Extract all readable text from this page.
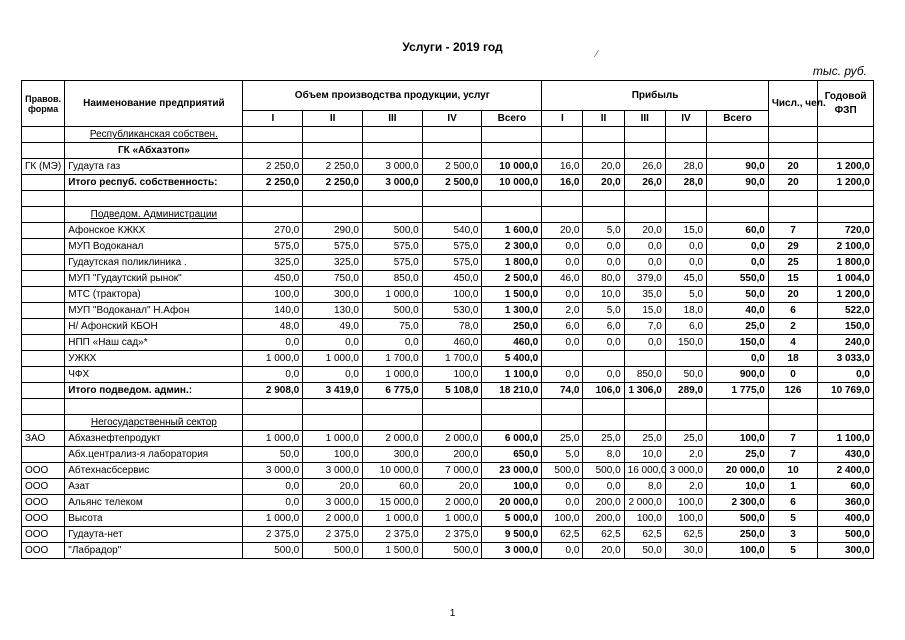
Услуги - 2019 год
⁄
тыс. руб.
Правов. форма	Наименование предприятий	Объем производства продукции, услуг					Прибыль					Числ., чел.	Годовой ФЗП
		I	II	III	IV	Всего	I	II	III	IV	Всего		
	Республиканская собствен.												
	ГК «Абхазтоп»												
ГК (МЭ)	Гудаута газ	2 250,0	2 250,0	3 000,0	2 500,0	10 000,0	16,0	20,0	26,0	28,0	90,0	20	1 200,0
	Итого респуб. собственность:	2 250,0	2 250,0	3 000,0	2 500,0	10 000,0	16,0	20,0	26,0	28,0	90,0	20	1 200,0

	Подведом. Администрации												
	Афонское КЖКХ	270,0	290,0	500,0	540,0	1 600,0	20,0	5,0	20,0	15,0	60,0	7	720,0
	МУП Водоканал	575,0	575,0	575,0	575,0	2 300,0	0,0	0,0	0,0	0,0	0,0	29	2 100,0
	Гудаутская поликлиника .	325,0	325,0	575,0	575,0	1 800,0	0,0	0,0	0,0	0,0	0,0	25	1 800,0
	МУП "Гудаутский рынок"	450,0	750,0	850,0	450,0	2 500,0	46,0	80,0	379,0	45,0	550,0	15	1 004,0
	МТС (трактора)	100,0	300,0	1 000,0	100,0	1 500,0	0,0	10,0	35,0	5,0	50,0	20	1 200,0
	МУП "Водоканал" Н.Афон	140,0	130,0	500,0	530,0	1 300,0	2,0	5,0	15,0	18,0	40,0	6	522,0
	Н/ Афонский КБОН	48,0	49,0	75,0	78,0	250,0	6,0	6,0	7,0	6,0	25,0	2	150,0
	НПП «Наш сад»*	0,0	0,0	0,0	460,0	460,0	0,0	0,0	0,0	150,0	150,0	4	240,0
	УЖКХ	1 000,0	1 000,0	1 700,0	1 700,0	5 400,0					0,0	18	3 033,0
	ЧФХ	0,0	0,0	1 000,0	100,0	1 100,0	0,0	0,0	850,0	50,0	900,0	0	0,0
	Итого подведом. админ.:	2 908,0	3 419,0	6 775,0	5 108,0	18 210,0	74,0	106,0	1 306,0	289,0	1 775,0	126	10 769,0

	Негосударственный сектор												
ЗАО	Абхазнефтепродукт	1 000,0	1 000,0	2 000,0	2 000,0	6 000,0	25,0	25,0	25,0	25,0	100,0	7	1 100,0
	Абх.централиз-я лаборатория	50,0	100,0	300,0	200,0	650,0	5,0	8,0	10,0	2,0	25,0	7	430,0
ООО	Абтехнасбсервис	3 000,0	3 000,0	10 000,0	7 000,0	23 000,0	500,0	500,0	16 000,0	3 000,0	20 000,0	10	2 400,0
ООО	Азат	0,0	20,0	60,0	20,0	100,0	0,0	0,0	8,0	2,0	10,0	1	60,0
ООО	Альянс телеком	0,0	3 000,0	15 000,0	2 000,0	20 000,0	0,0	200,0	2 000,0	100,0	2 300,0	6	360,0
ООО	Высота	1 000,0	2 000,0	1 000,0	1 000,0	5 000,0	100,0	200,0	100,0	100,0	500,0	5	400,0
ООО	Гудаута-нет	2 375,0	2 375,0	2 375,0	2 375,0	9 500,0	62,5	62,5	62,5	62,5	250,0	3	500,0
ООО	"Лабрадор"	500,0	500,0	1 500,0	500,0	3 000,0	0,0	20,0	50,0	30,0	100,0	5	300,0
1
